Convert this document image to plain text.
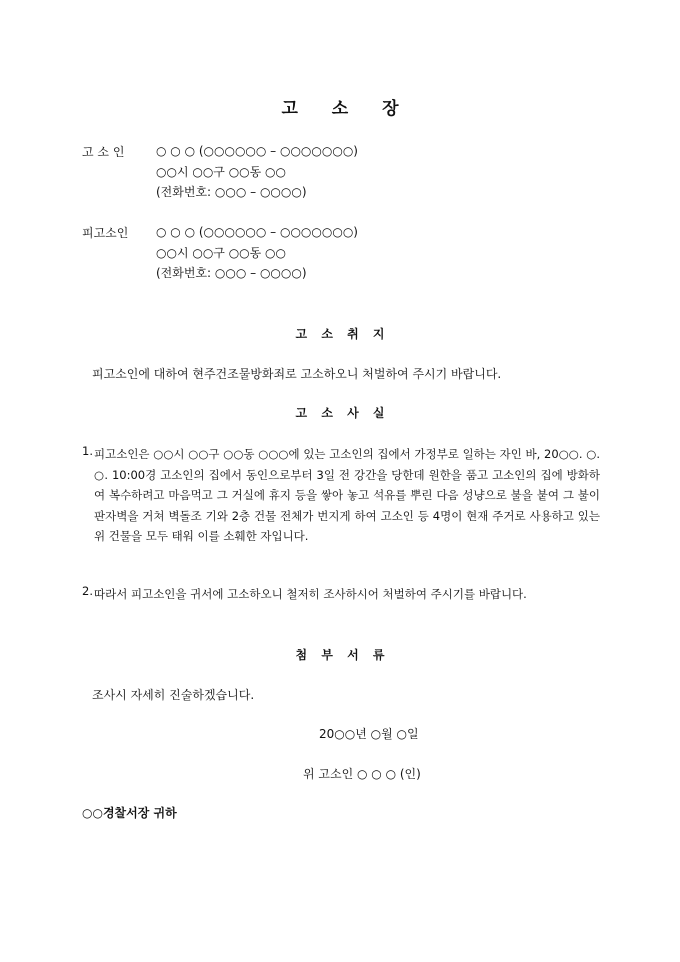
고 소 장
고 소 인	○ ○ ○ (○○○○○○ – ○○○○○○○)
○○시 ○○구 ○○동 ○○
(전화번호: ○○○ – ○○○○)
피고소인 ○ ○ ○ (○○○○○○ – ○○○○○○○)
○○시 ○○구 ○○동 ○○
(전화번호: ○○○ – ○○○○)
고 소 취 지
피고소인에 대하여 현주건조물방화죄로 고소하오니 처벌하여 주시기 바랍니다.
고 소 사 실
1. 피고소인은 ○○시 ○○구 ○○동 ○○○에 있는 고소인의 집에서 가정부로 일하는 자인 바, 20○○. ○. ○. 10:00경 고소인의 집에서 동인으로부터 3일 전 강간을 당한데 원한을 품고 고소인의 집에 방화하여 복수하려고 마음먹고 그 거실에 휴지 등을 쌓아 놓고 석유를 뿌린 다음 성냥으로 불을 붙여 그 불이 판자벽을 거쳐 벽돌조 기와 2층 건물 전체가 번지게 하여 고소인 등 4명이 현재 주거로 사용하고 있는 위 건물을 모두 태워 이를 소훼한 자입니다.
2. 따라서 피고소인을 귀서에 고소하오니 철저히 조사하시어 처벌하여 주시기를 바랍니다.
첨 부 서 류
조사시 자세히 진술하겠습니다.
20○○년 ○월 ○일
위 고소인 ○ ○ ○ (인)
○○경찰서장 귀하
